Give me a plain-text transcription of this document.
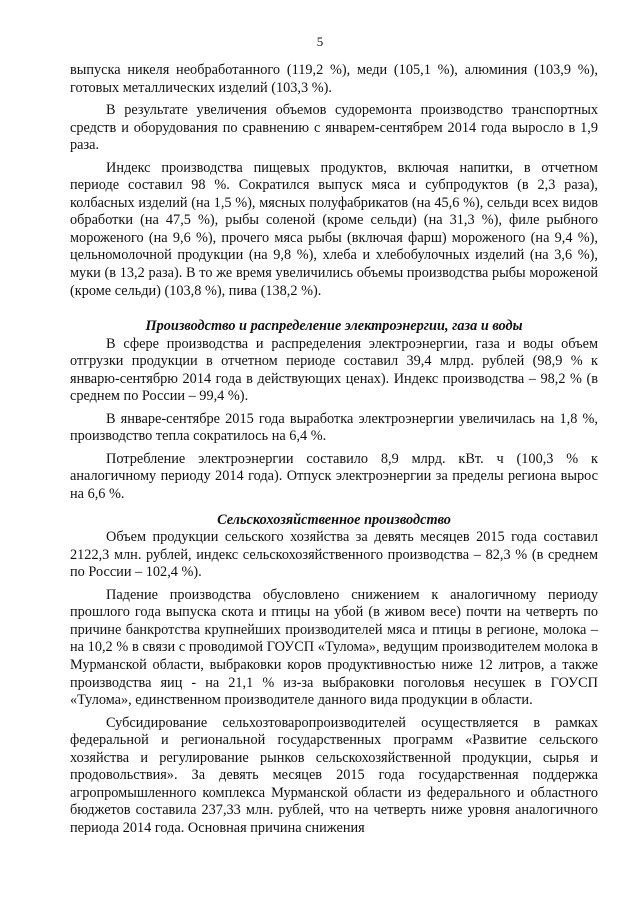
5

выпуска никеля необработанного (119,2 %), меди (105,1 %), алюминия (103,9 %), готовых металлических изделий (103,3 %).

В результате увеличения объемов судоремонта производство транспортных средств и оборудования по сравнению с январем-сентябрем 2014 года выросло в 1,9 раза.

Индекс производства пищевых продуктов, включая напитки, в отчетном периоде составил 98 %. Сократился выпуск мяса и субпродуктов (в 2,3 раза), колбасных изделий (на 1,5 %), мясных полуфабрикатов (на 45,6 %), сельди всех видов обработки (на 47,5 %), рыбы соленой (кроме сельди) (на 31,3 %), филе рыбного мороженого (на 9,6 %), прочего мяса рыбы (включая фарш) мороженого (на 9,4 %), цельномолочной продукции (на 9,8 %), хлеба и хлебобулочных изделий (на 3,6 %), муки (в 13,2 раза). В то же время увеличились объемы производства рыбы мороженой (кроме сельди) (103,8 %), пива (138,2 %).

Производство и распределение электроэнергии, газа и воды

В сфере производства и распределения электроэнергии, газа и воды объем отгрузки продукции в отчетном периоде составил 39,4 млрд. рублей (98,9 % к январю-сентябрю 2014 года в действующих ценах). Индекс производства – 98,2 % (в среднем по России – 99,4 %).

В январе-сентябре 2015 года выработка электроэнергии увеличилась на 1,8 %, производство тепла сократилось на 6,4 %.

Потребление электроэнергии составило 8,9 млрд. кВт. ч (100,3 % к аналогичному периоду 2014 года). Отпуск электроэнергии за пределы региона вырос на 6,6 %.

Сельскохозяйственное производство

Объем продукции сельского хозяйства за девять месяцев 2015 года составил 2122,3 млн. рублей, индекс сельскохозяйственного производства – 82,3 % (в среднем по России – 102,4 %).

Падение производства обусловлено снижением к аналогичному периоду прошлого года выпуска скота и птицы на убой (в живом весе) почти на четверть по причине банкротства крупнейших производителей мяса и птицы в регионе, молока – на 10,2 % в связи с проводимой ГОУСП «Тулома», ведущим производителем молока в Мурманской области, выбраковки коров продуктивностью ниже 12 литров, а также производства яиц - на 21,1 % из-за выбраковки поголовья несушек в ГОУСП «Тулома», единственном производителе данного вида продукции в области.

Субсидирование сельхозтоваропроизводителей осуществляется в рамках федеральной и региональной государственных программ «Развитие сельского хозяйства и регулирование рынков сельскохозяйственной продукции, сырья и продовольствия». За девять месяцев 2015 года государственная поддержка агропромышленного комплекса Мурманской области из федерального и областного бюджетов составила 237,33 млн. рублей, что на четверть ниже уровня аналогичного периода 2014 года. Основная причина снижения
